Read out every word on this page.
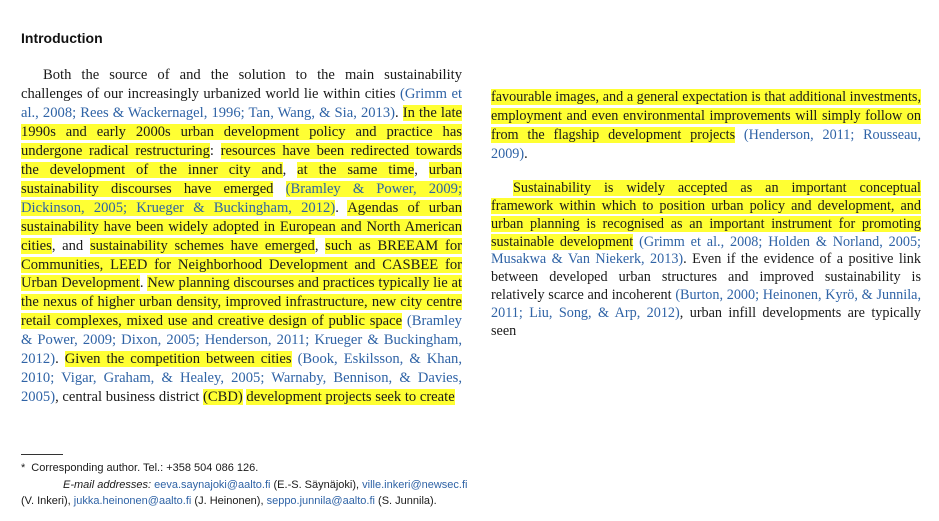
Introduction

Both the source of and the solution to the main sustainability challenges of our increasingly urbanized world lie within cities (Grimm et al., 2008; Rees & Wackernagel, 1996; Tan, Wang, & Sia, 2013). In the late 1990s and early 2000s urban development policy and practice has undergone radical restructuring: resources have been redirected towards the development of the inner city and, at the same time, urban sustainability discourses have emerged (Bramley & Power, 2009; Dickinson, 2005; Krueger & Buckingham, 2012). Agendas of urban sustainability have been widely adopted in European and North American cities, and sustainability schemes have emerged, such as BREEAM for Communities, LEED for Neighborhood Development and CASBEE for Urban Development. New planning discourses and practices typically lie at the nexus of higher urban density, improved infrastructure, new city centre retail complexes, mixed use and creative design of public space (Bramley & Power, 2009; Dixon, 2005; Henderson, 2011; Krueger & Buckingham, 2012). Given the competition between cities (Book, Eskilsson, & Khan, 2010; Vigar, Graham, & Healey, 2005; Warnaby, Bennison, & Davies, 2005), central business district (CBD) development projects seek to create

favourable images, and a general expectation is that additional investments, employment and even environmental improvements will simply follow on from the flagship development projects (Henderson, 2011; Rousseau, 2009).

Sustainability is widely accepted as an important conceptual framework within which to position urban policy and development, and urban planning is recognised as an important instrument for promoting sustainable development (Grimm et al., 2008; Holden & Norland, 2005; Musakwa & Van Niekerk, 2013). Even if the evidence of a positive link between developed urban structures and improved sustainability is relatively scarce and incoherent (Burton, 2000; Heinonen, Kyrö, & Junnila, 2011; Liu, Song, & Arp, 2012), urban infill developments are typically seen

* Corresponding author. Tel.: +358 504 086 126.
E-mail addresses: eeva.saynajoki@aalto.fi (E.-S. Säynäjoki), ville.inkeri@newsec.fi (V. Inkeri), jukka.heinonen@aalto.fi (J. Heinonen), seppo.junnila@aalto.fi (S. Junnila).
